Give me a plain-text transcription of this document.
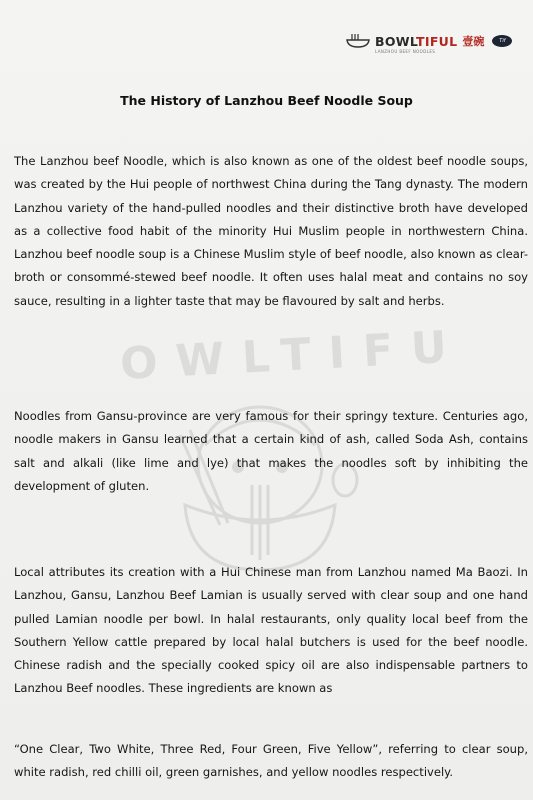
BOWLTIFUL 壹碗	Tif
LANZHOU BEEF NOODLES
OWLTIFU
The History of Lanzhou Beef Noodle Soup

The Lanzhou beef Noodle, which is also known as one of the oldest beef noodle soups, was created by the Hui people of northwest China during the Tang dynasty. The modern Lanzhou variety of the hand-pulled noodles and their distinctive broth have developed as a collective food habit of the minority Hui Muslim people in northwestern China. Lanzhou beef noodle soup is a Chinese Muslim style of beef noodle, also known as clear-broth or consommé-stewed beef noodle. It often uses halal meat and contains no soy sauce, resulting in a lighter taste that may be flavoured by salt and herbs.

Noodles from Gansu-province are very famous for their springy texture. Centuries ago, noodle makers in Gansu learned that a certain kind of ash, called Soda Ash, contains salt and alkali (like lime and lye) that makes the noodles soft by inhibiting the development of gluten.

Local attributes its creation with a Hui Chinese man from Lanzhou named Ma Baozi. In Lanzhou, Gansu, Lanzhou Beef Lamian is usually served with clear soup and one hand pulled Lamian noodle per bowl. In halal restaurants, only quality local beef from the Southern Yellow cattle prepared by local halal butchers is used for the beef noodle. Chinese radish and the specially cooked spicy oil are also indispensable partners to Lanzhou Beef noodles. These ingredients are known as

“One Clear, Two White, Three Red, Four Green, Five Yellow”, referring to clear soup, white radish, red chilli oil, green garnishes, and yellow noodles respectively.
